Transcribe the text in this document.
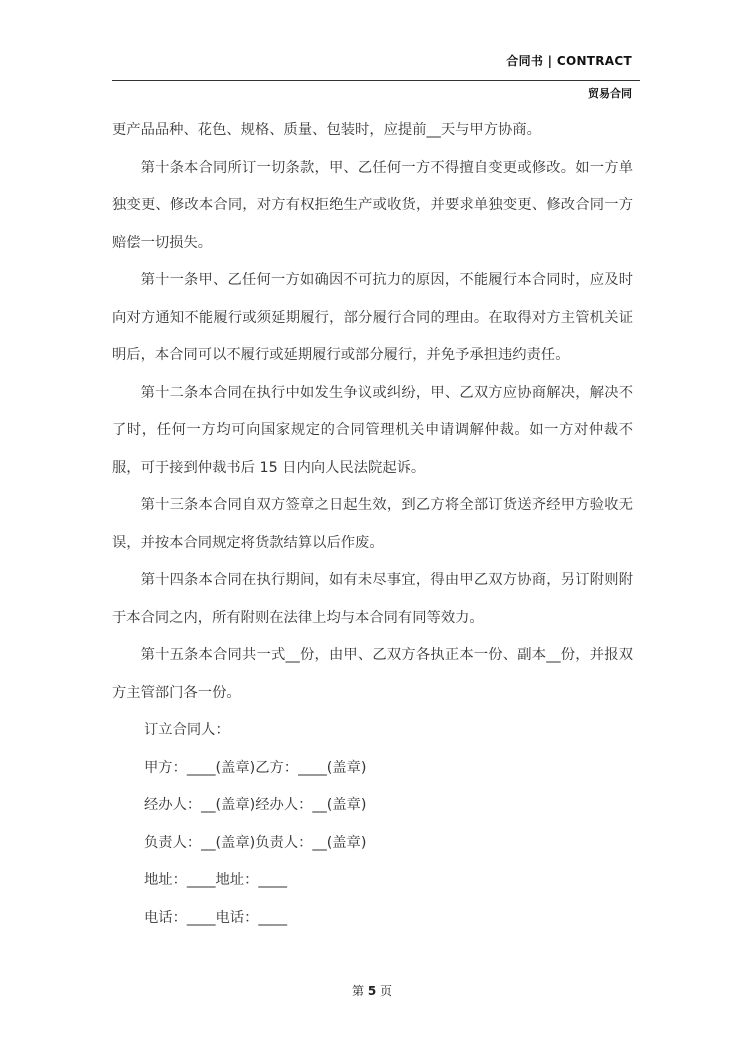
合同书 | CONTRACT
贸易合同

更产品品种、花色、规格、质量、包装时，应提前__天与甲方协商。

第十条本合同所订一切条款，甲、乙任何一方不得擅自变更或修改。如一方单独变更、修改本合同，对方有权拒绝生产或收货，并要求单独变更、修改合同一方赔偿一切损失。

第十一条甲、乙任何一方如确因不可抗力的原因，不能履行本合同时，应及时向对方通知不能履行或须延期履行，部分履行合同的理由。在取得对方主管机关证明后，本合同可以不履行或延期履行或部分履行，并免予承担违约责任。

第十二条本合同在执行中如发生争议或纠纷，甲、乙双方应协商解决，解决不了时，任何一方均可向国家规定的合同管理机关申请调解仲裁。如一方对仲裁不服，可于接到仲裁书后 15 日内向人民法院起诉。

第十三条本合同自双方签章之日起生效，到乙方将全部订货送齐经甲方验收无误，并按本合同规定将货款结算以后作废。

第十四条本合同在执行期间，如有未尽事宜，得由甲乙双方协商，另订附则附于本合同之内，所有附则在法律上均与本合同有同等效力。

第十五条本合同共一式__份，由甲、乙双方各执正本一份、副本__份，并报双方主管部门各一份。

订立合同人：

甲方：____(盖章)乙方：____(盖章)

经办人：__(盖章)经办人：__(盖章)

负责人：__(盖章)负责人：__(盖章)

地址：____地址：____

电话：____电话：____

第 5 页
